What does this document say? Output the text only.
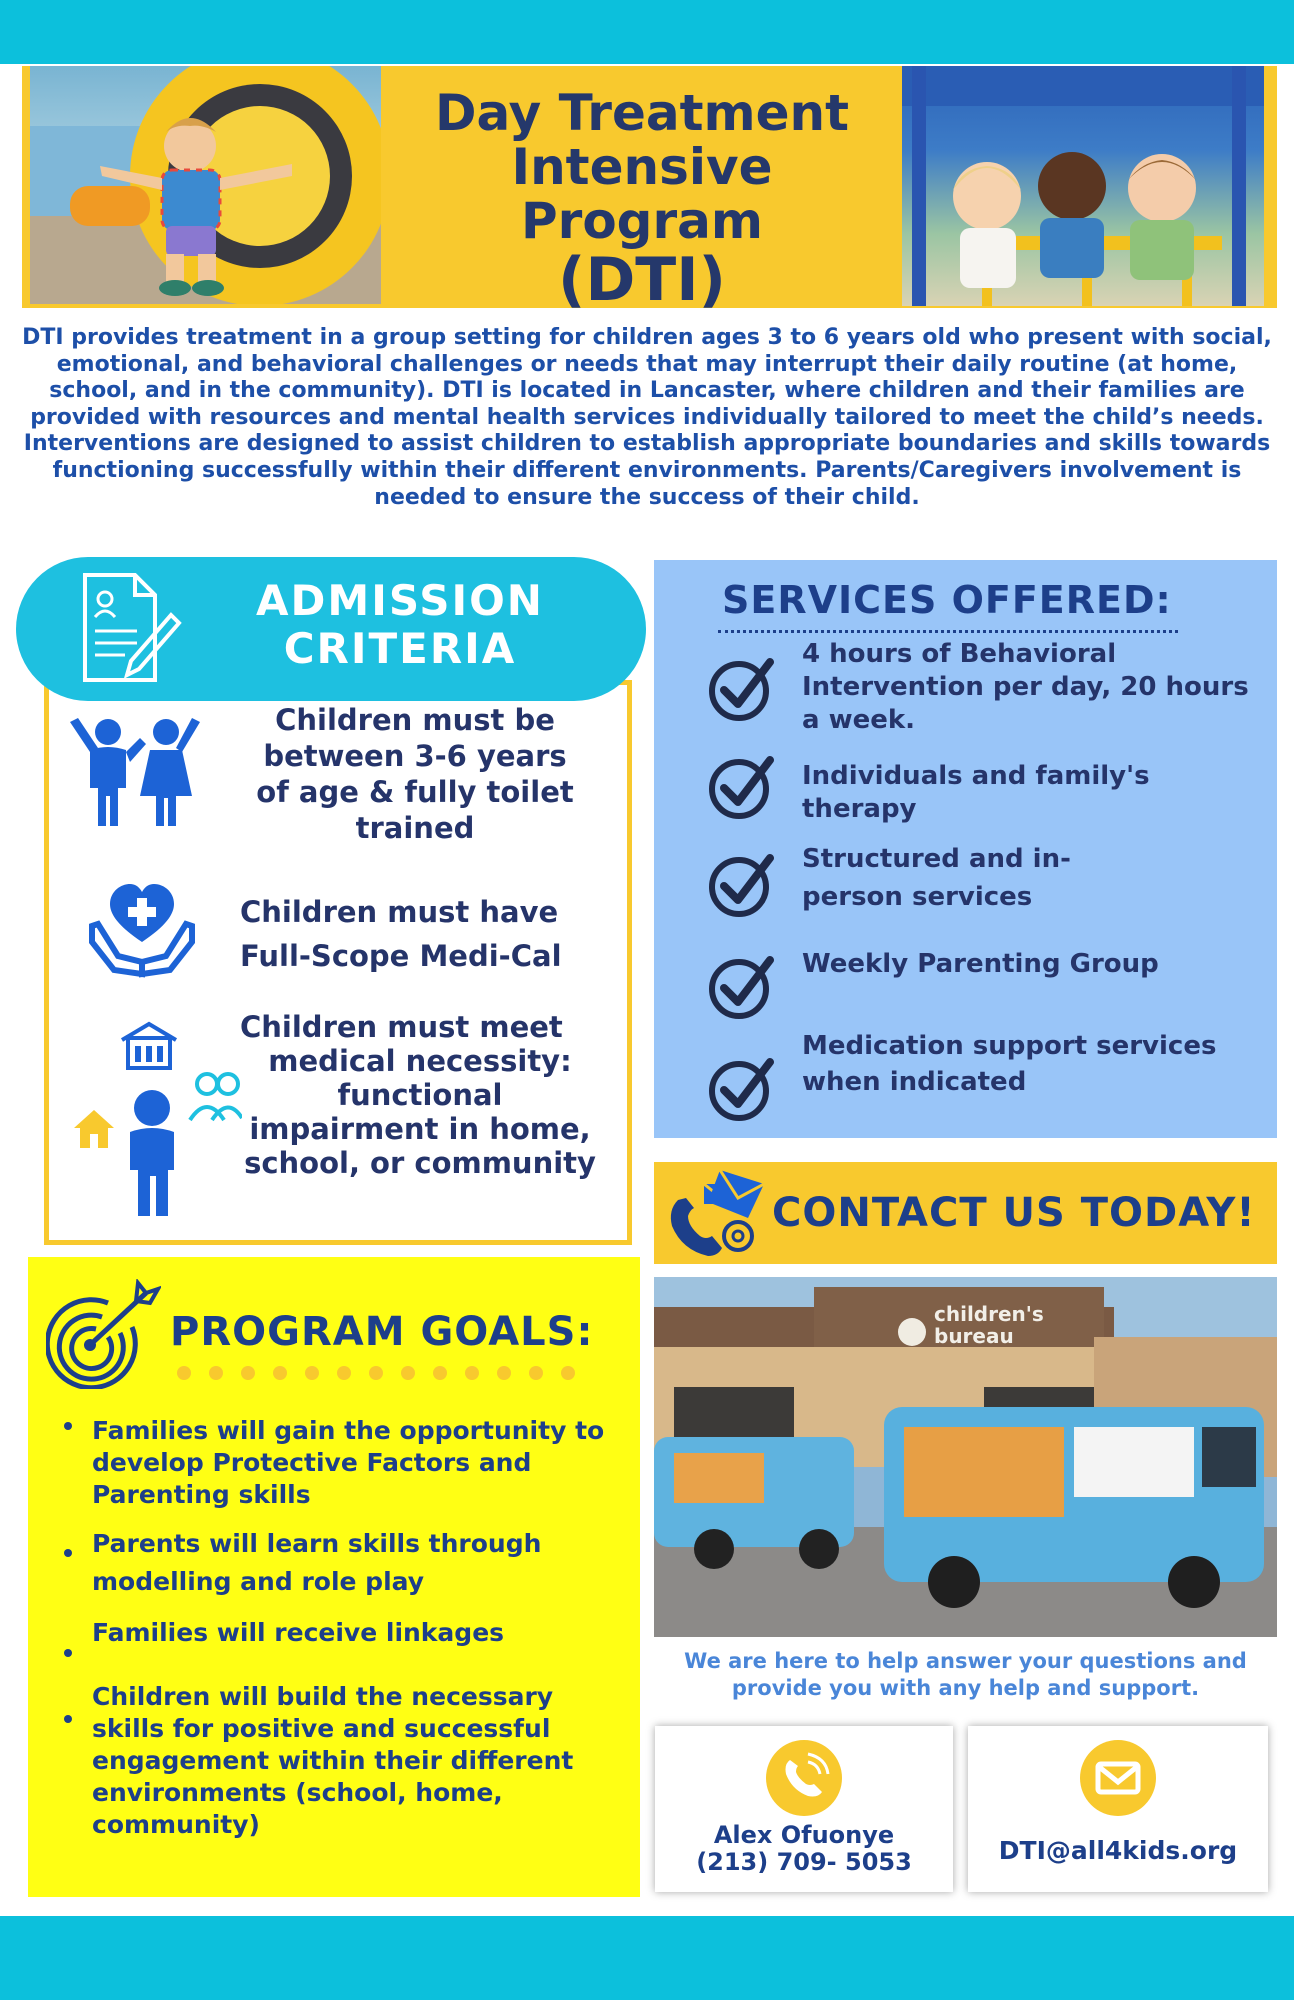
Day Treatment
Intensive Program
(DTI)
DTI provides treatment in a group setting for children ages 3 to 6 years old who present with social, emotional, and behavioral challenges or needs that may interrupt their daily routine (at home, school, and in the community). DTI is located in Lancaster, where children and their families are provided with resources and mental health services individually tailored to meet the child’s needs. Interventions are designed to assist children to establish appropriate boundaries and skills towards functioning successfully within their different environments. Parents/Caregivers involvement is needed to ensure the success of their child.
ADMISSION
CRITERIA
Children must be between 3-6 years of age & fully toilet trained
Children must have Full-Scope Medi-Cal
Children must meet
medical necessity: functional impairment in home, school, or community
SERVICES OFFERED:
4 hours of Behavioral Intervention per day, 20 hours a week.
Individuals and family's therapy
Structured and in-person services
Weekly Parenting Group
Medication support services when indicated
CONTACT US TODAY!
children's
bureau
We are here to help answer your questions and provide you with any help and support.
Alex Ofuonye
(213) 709- 5053	DTI@all4kids.org
PROGRAM GOALS:
Families will gain the opportunity to develop Protective Factors and Parenting skills
Parents will learn skills through modelling and role play
Families will receive linkages
Children will build the necessary skills for positive and successful engagement within their different environments (school, home, community)
